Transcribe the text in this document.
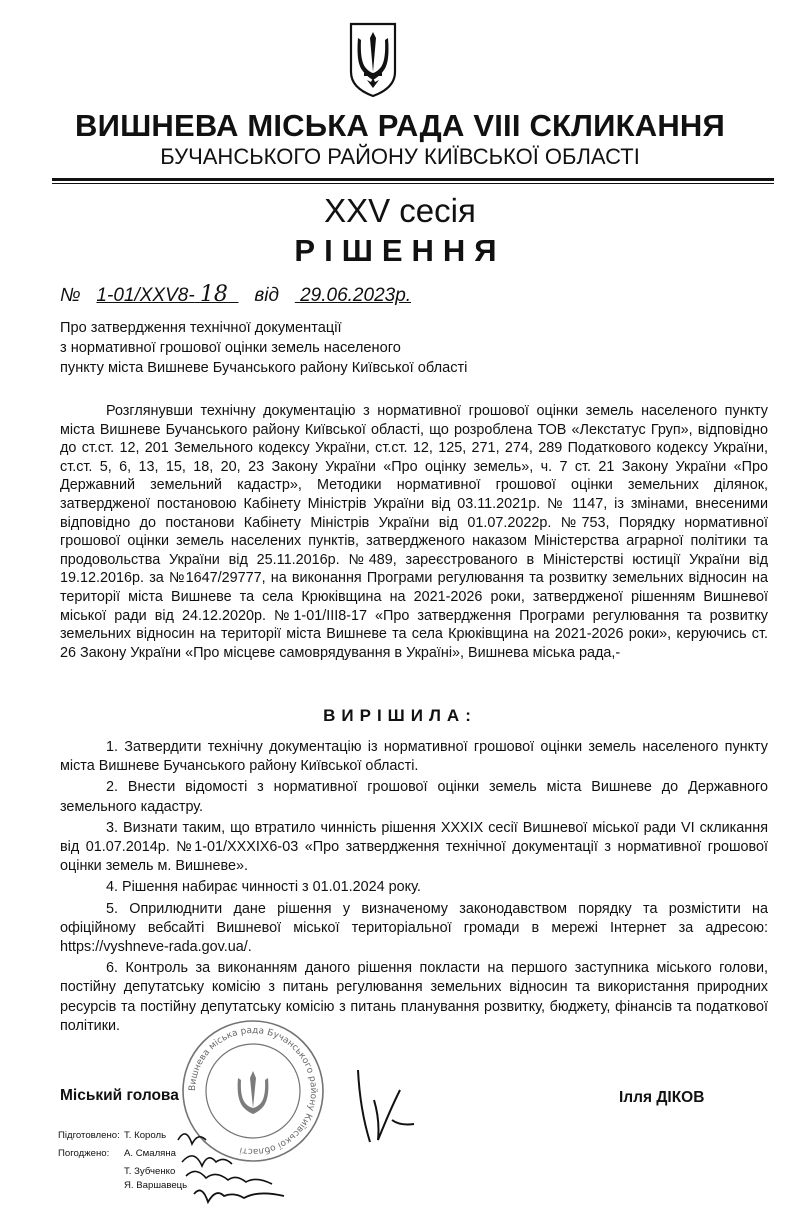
ВИШНЕВА МІСЬКА РАДА VIII СКЛИКАННЯ
БУЧАНСЬКОГО РАЙОНУ КИЇВСЬКОЇ ОБЛАСТІ
XXV сесія
РІШЕННЯ
№ 1-01/XXV8- 18 від 29.06.2023р.
Про затвердження технічної документації
з нормативної грошової оцінки земель населеного
пункту міста Вишневе Бучанського району Київської області

Розглянувши технічну документацію з нормативної грошової оцінки земель населеного пункту міста Вишневе Бучанського району Київської області, що розроблена ТОВ «Лекстатус Груп», відповідно до ст.ст. 12, 201 Земельного кодексу України, ст.ст. 12, 125, 271, 274, 289 Податкового кодексу України, ст.ст. 5, 6, 13, 15, 18, 20, 23 Закону України «Про оцінку земель», ч. 7 ст. 21 Закону України «Про Державний земельний кадастр», Методики нормативної грошової оцінки земельних ділянок, затвердженої постановою Кабінету Міністрів України від 03.11.2021р. № 1147, із змінами, внесеними відповідно до постанови Кабінету Міністрів України від 01.07.2022р. №753, Порядку нормативної грошової оцінки земель населених пунктів, затвердженого наказом Міністерства аграрної політики та продовольства України від 25.11.2016р. №489, зареєстрованого в Міністерстві юстиції України від 19.12.2016р. за №1647/29777, на виконання Програми регулювання та розвитку земельних відносин на території міста Вишневе та села Крюківщина на 2021-2026 роки, затвердженої рішенням Вишневої міської ради від 24.12.2020р. №1-01/ІІІ8-17 «Про затвердження Програми регулювання та розвитку земельних відносин на території міста Вишневе та села Крюківщина на 2021-2026 роки», керуючись ст. 26 Закону України «Про місцеве самоврядування в Україні», Вишнева міська рада,-

ВИРІШИЛА:

1. Затвердити технічну документацію із нормативної грошової оцінки земель населеного пункту міста Вишневе Бучанського району Київської області.

2. Внести відомості з нормативної грошової оцінки земель міста Вишневе до Державного земельного кадастру.

3. Визнати таким, що втратило чинність рішення XXXIX сесії Вишневої міської ради VI скликання від 01.07.2014р. №1-01/XXXIX6-03 «Про затвердження технічної документації з нормативної грошової оцінки земель м. Вишневе».

4. Рішення набирає чинності з 01.01.2024 року.

5. Оприлюднити дане рішення у визначеному законодавством порядку та розмістити на офіційному вебсайті Вишневої міської територіальної громади в мережі Інтернет за адресою: https://vyshneve-rada.gov.ua/.

6. Контроль за виконанням даного рішення покласти на першого заступника міського голови, постійну депутатську комісію з питань регулювання земельних відносин та використання природних ресурсів та постійну депутатську комісію з питань планування розвитку, бюджету, фінансів та податкової політики.

Вишнева міська рада Бучанського району Київської області
Міський голова	Ілля ДІКОВ
Підготовлено: Т. Король
Погоджено: А. Смалянa
Т. Зубченко
Я. Варшавець
